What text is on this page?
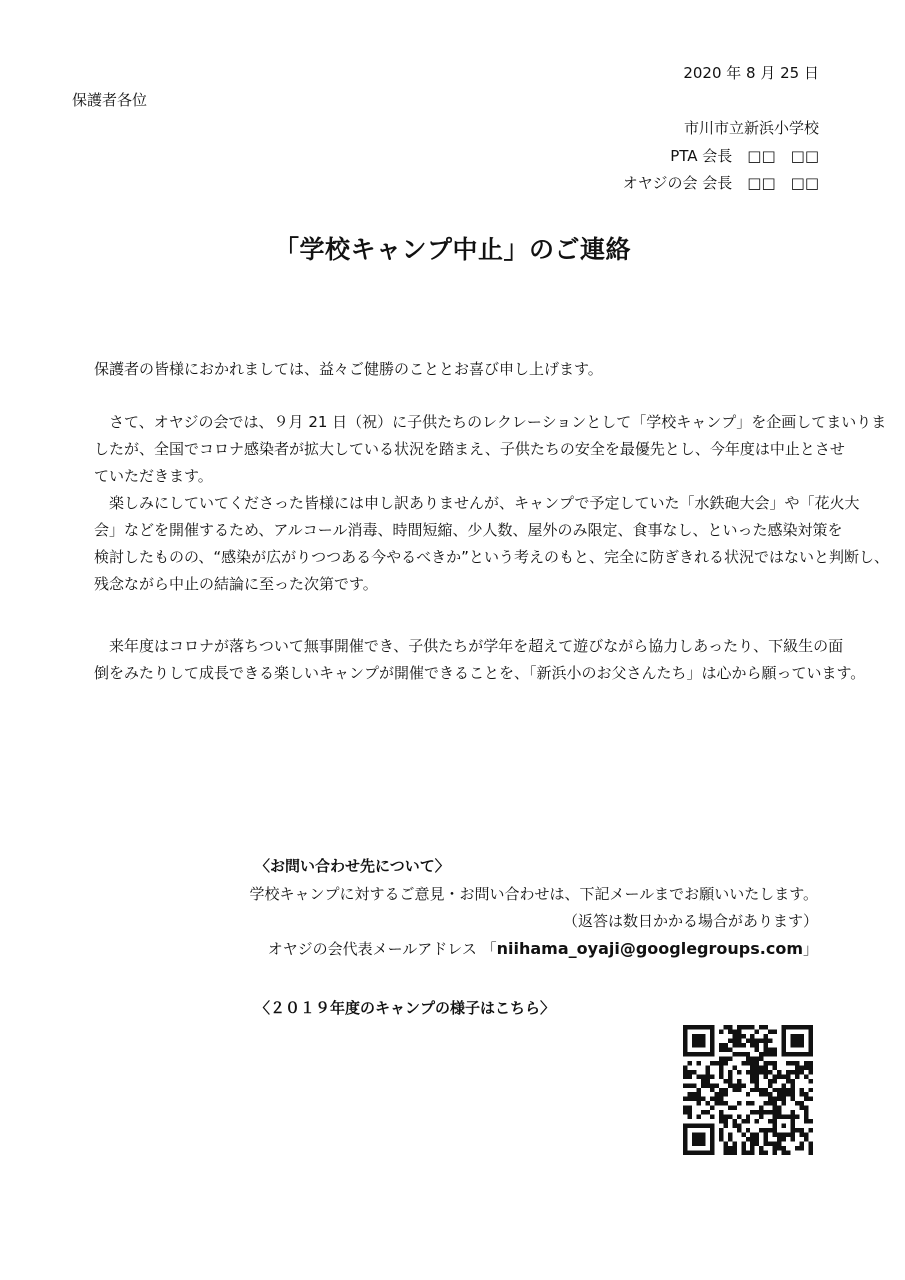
2020 年 8 月 25 日
保護者各位
市川市立新浜小学校
PTA 会長　□□　□□
オヤジの会 会長　□□　□□
「学校キャンプ中止」のご連絡
保護者の皆様におかれましては、益々ご健勝のこととお喜び申し上げます。
　さて、オヤジの会では、９月 21 日（祝）に子供たちのレクレーションとして「学校キャンプ」を企画してまいりま
したが、全国でコロナ感染者が拡大している状況を踏まえ、子供たちの安全を最優先とし、今年度は中止とさせ
ていただきます。
　楽しみにしていてくださった皆様には申し訳ありませんが、キャンプで予定していた「水鉄砲大会」や「花火大
会」などを開催するため、アルコール消毒、時間短縮、少人数、屋外のみ限定、食事なし、といった感染対策を
検討したものの、“感染が広がりつつある今やるべきか”という考えのもと、完全に防ぎきれる状況ではないと判断し、
残念ながら中止の結論に至った次第です。
　来年度はコロナが落ちついて無事開催でき、子供たちが学年を超えて遊びながら協力しあったり、下級生の面
倒をみたりして成長できる楽しいキャンプが開催できることを、「新浜小のお父さんたち」は心から願っています。
〈お問い合わせ先について〉
学校キャンプに対するご意見・お問い合わせは、下記メールまでお願いいたします。
（返答は数日かかる場合があります）
オヤジの会代表メールアドレス 「niihama_oyaji@googlegroups.com」
〈２０１９年度のキャンプの様子はこちら〉
